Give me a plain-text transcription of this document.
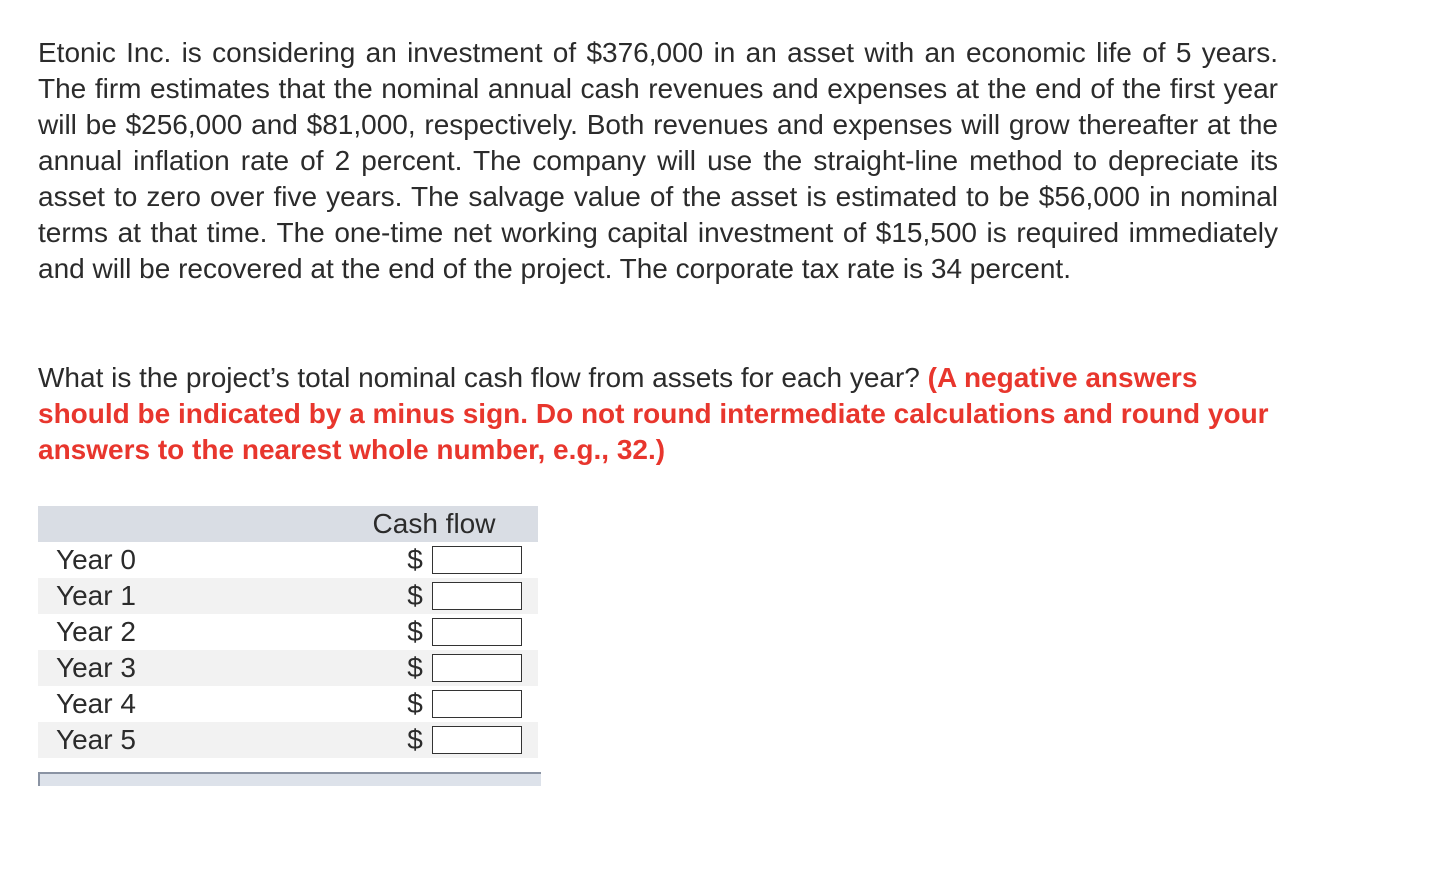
Etonic Inc. is considering an investment of $376,000 in an asset with an economic life of 5 years. The firm estimates that the nominal annual cash revenues and expenses at the end of the first year will be $256,000 and $81,000, respectively. Both revenues and expenses will grow thereafter at the annual inflation rate of 2 percent. The company will use the straight-line method to depreciate its asset to zero over five years. The salvage value of the asset is estimated to be $56,000 in nominal terms at that time. The one-time net working capital investment of $15,500 is required immediately and will be recovered at the end of the project. The corporate tax rate is 34 percent.

What is the project’s total nominal cash flow from assets for each year? (A negative answers should be indicated by a minus sign. Do not round intermediate calculations and round your answers to the nearest whole number, e.g., 32.)

	Cash flow
Year 0	$

Year 1	$

Year 2	$

Year 3	$

Year 4	$

Year 5	$
